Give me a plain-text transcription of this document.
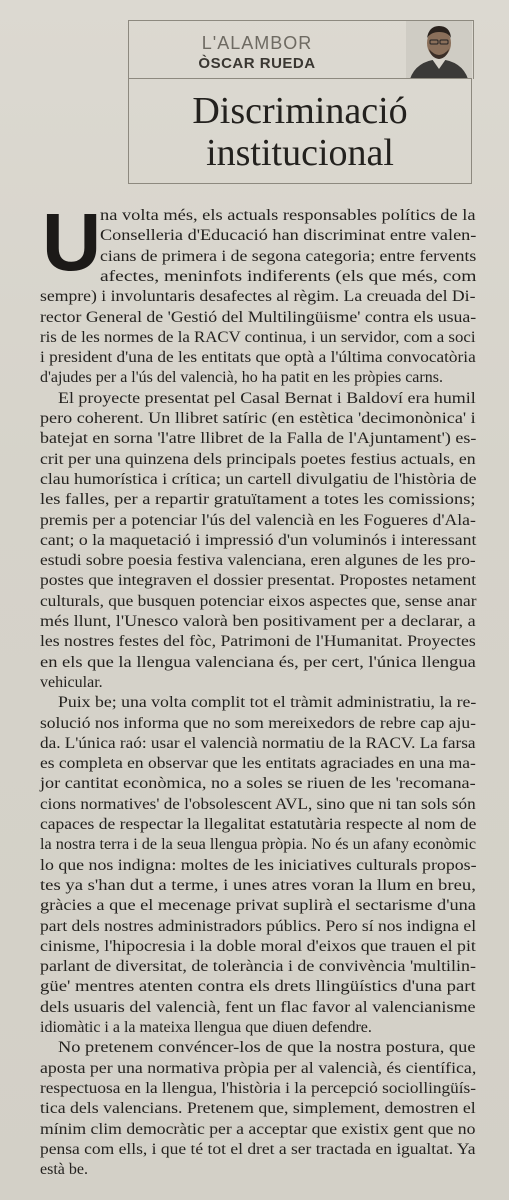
L'ALAMBOR
ÒSCAR RUEDA
Discriminació
institucional
U
na volta més, els actuals responsables polítics de la
Conselleria d'Educació han discriminat entre valen-
cians de primera i de segona categoria; entre fervents
afectes, meninfots indiferents (els que més, com
sempre) i involuntaris desafectes al règim. La creuada del Di-
rector General de 'Gestió del Multilingüisme' contra els usua-
ris de les normes de la RACV continua, i un servidor, com a soci
i president d'una de les entitats que optà a l'última convocatòria
d'ajudes per a l'ús del valencià, ho ha patit en les pròpies carns.
El proyecte presentat pel Casal Bernat i Baldoví era humil
pero coherent. Un llibret satíric (en estètica 'decimonònica' i
batejat en sorna 'l'atre llibret de la Falla de l'Ajuntament') es-
crit per una quinzena dels principals poetes festius actuals, en
clau humorística i crítica; un cartell divulgatiu de l'història de
les falles, per a repartir gratuïtament a totes les comissions;
premis per a potenciar l'ús del valencià en les Fogueres d'Ala-
cant; o la maquetació i impressió d'un voluminós i interessant
estudi sobre poesia festiva valenciana, eren algunes de les pro-
postes que integraven el dossier presentat. Propostes netament
culturals, que busquen potenciar eixos aspectes que, sense anar
més llunt, l'Unesco valorà ben positivament per a declarar, a
les nostres festes del fòc, Patrimoni de l'Humanitat. Proyectes
en els que la llengua valenciana és, per cert, l'única llengua
vehicular.
Puix be; una volta complit tot el tràmit administratiu, la re-
solució nos informa que no som mereixedors de rebre cap aju-
da. L'única raó: usar el valencià normatiu de la RACV. La farsa
es completa en observar que les entitats agraciades en una ma-
jor cantitat econòmica, no a soles se riuen de les 'recomana-
cions normatives' de l'obsolescent AVL, sino que ni tan sols són
capaces de respectar la llegalitat estatutària respecte al nom de
la nostra terra i de la seua llengua pròpia. No és un afany econòmic
lo que nos indigna: moltes de les iniciatives culturals propos-
tes ya s'han dut a terme, i unes atres voran la llum en breu,
gràcies a que el mecenage privat suplirà el sectarisme d'una
part dels nostres administradors públics. Pero sí nos indigna el
cinisme, l'hipocresia i la doble moral d'eixos que trauen el pit
parlant de diversitat, de tolerància i de convivència 'multilin-
güe' mentres atenten contra els drets llingüístics d'una part
dels usuaris del valencià, fent un flac favor al valencianisme
idiomàtic i a la mateixa llengua que diuen defendre.
No pretenem convéncer-los de que la nostra postura, que
aposta per una normativa pròpia per al valencià, és científica,
respectuosa en la llengua, l'història i la percepció sociollingüís-
tica dels valencians. Pretenem que, simplement, demostren el
mínim clim democràtic per a acceptar que existix gent que no
pensa com ells, i que té tot el dret a ser tractada en igualtat. Ya
està be.
